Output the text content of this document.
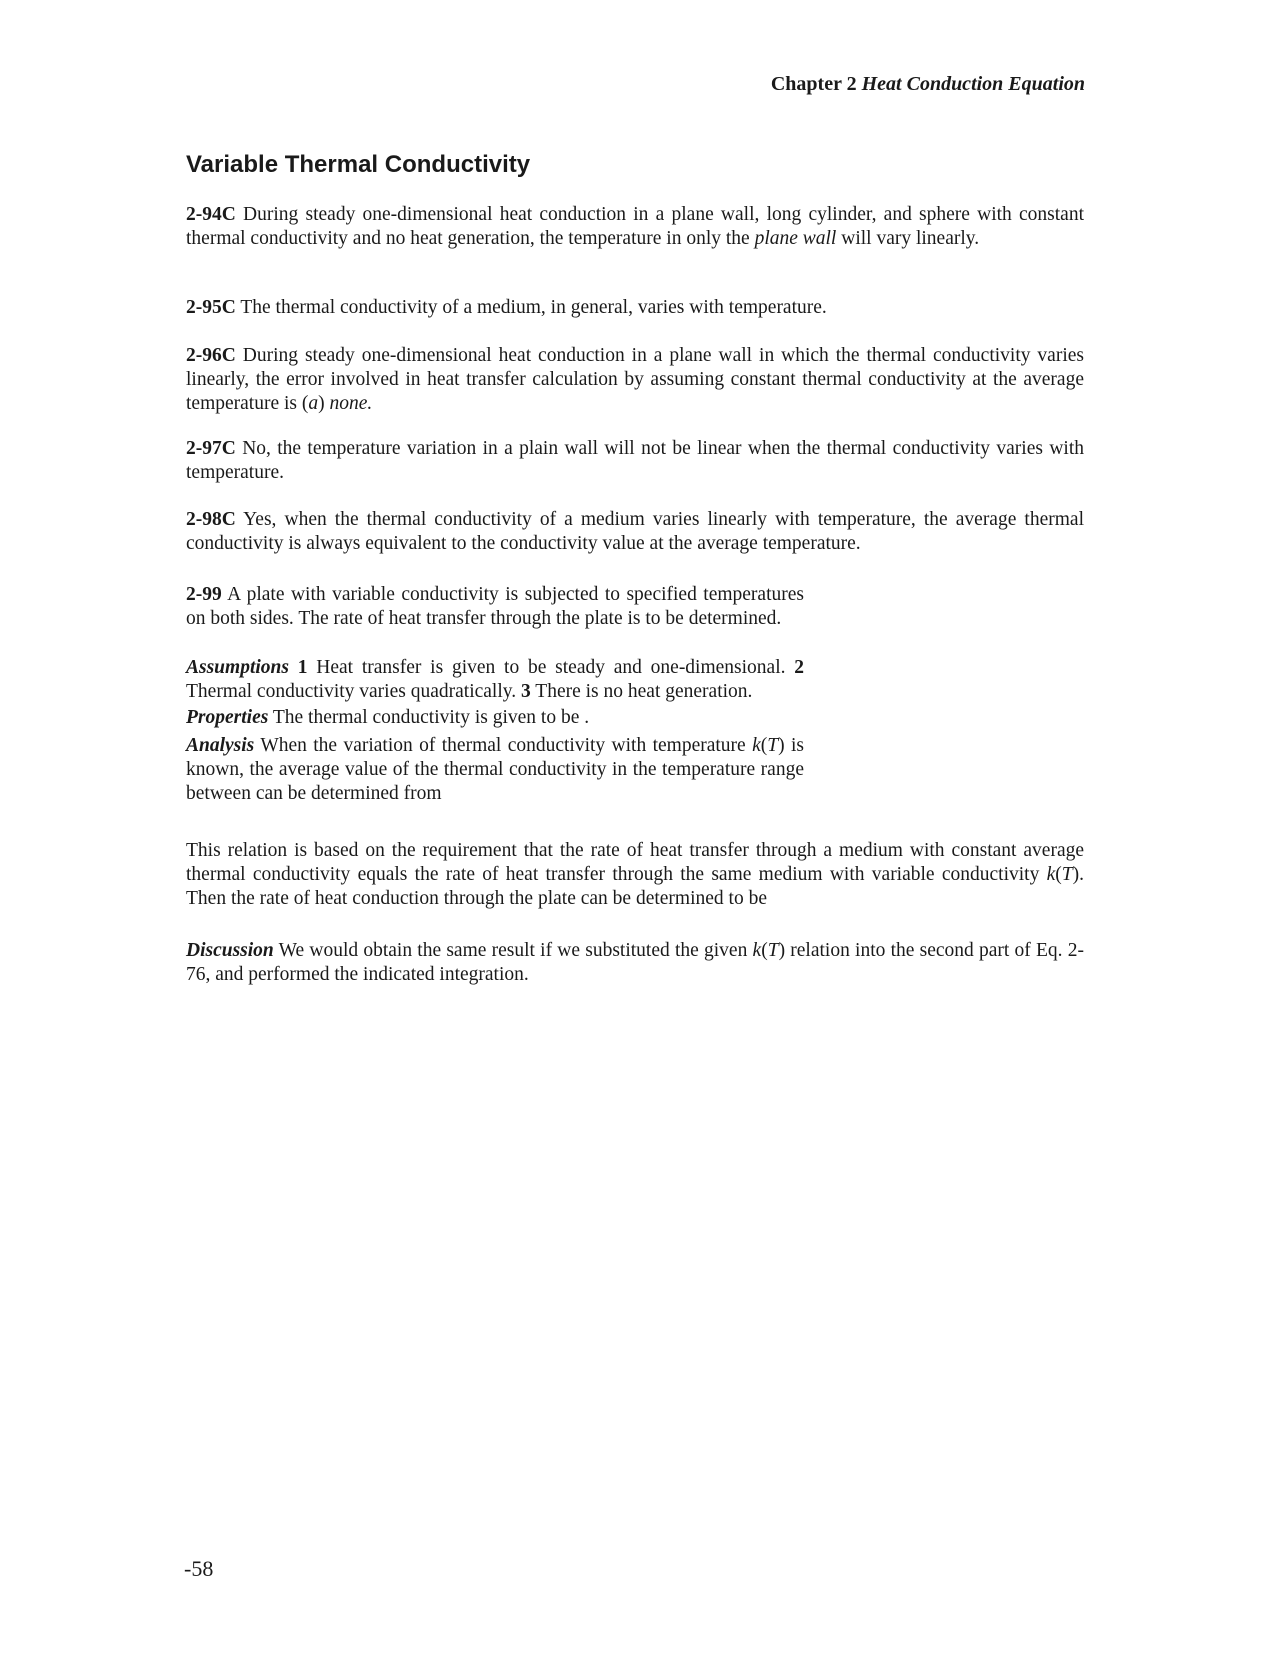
Chapter 2 Heat Conduction Equation
Variable Thermal Conductivity

2-94C During steady one-dimensional heat conduction in a plane wall, long cylinder, and sphere with constant thermal conductivity and no heat generation, the temperature in only the plane wall will vary linearly.

2-95C The thermal conductivity of a medium, in general, varies with temperature.

2-96C During steady one-dimensional heat conduction in a plane wall in which the thermal conductivity varies linearly, the error involved in heat transfer calculation by assuming constant thermal conductivity at the average temperature is (a) none.

2-97C No, the temperature variation in a plain wall will not be linear when the thermal conductivity varies with temperature.

2-98C Yes, when the thermal conductivity of a medium varies linearly with temperature, the average thermal conductivity is always equivalent to the conductivity value at the average temperature.

2-99 A plate with variable conductivity is subjected to specified temperatures on both sides. The rate of heat transfer through the plate is to be determined.

Assumptions 1 Heat transfer is given to be steady and one-dimensional. 2 Thermal conductivity varies quadratically. 3 There is no heat generation.

Properties The thermal conductivity is given to be .

Analysis When the variation of thermal conductivity with temperature k(T) is known, the average value of the thermal conductivity in the temperature range between can be determined from

This relation is based on the requirement that the rate of heat transfer through a medium with constant average thermal conductivity equals the rate of heat transfer through the same medium with variable conductivity k(T). Then the rate of heat conduction through the plate can be determined to be

Discussion We would obtain the same result if we substituted the given k(T) relation into the second part of Eq. 2-76, and performed the indicated integration.

-58
